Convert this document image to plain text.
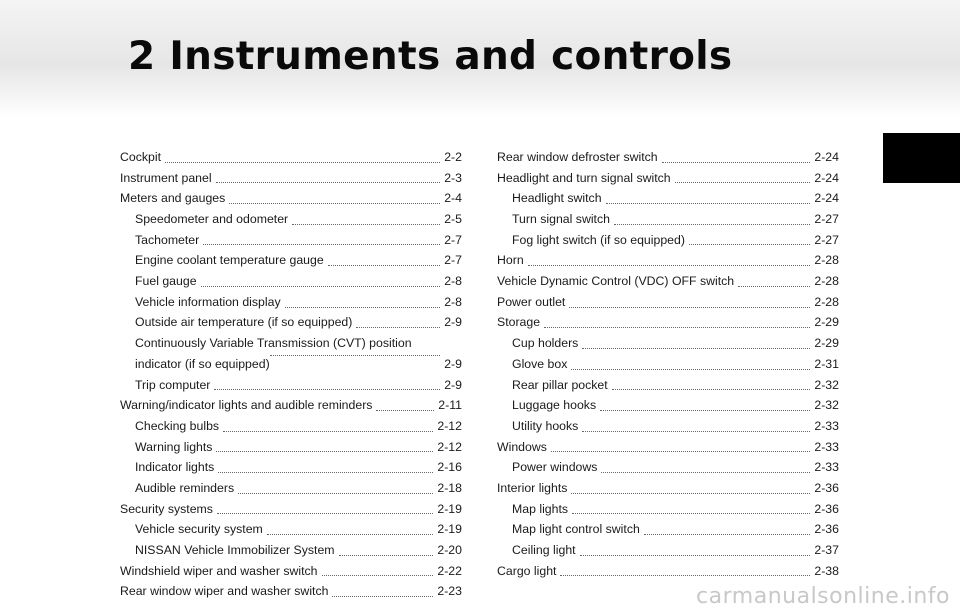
2 Instruments and controls
Cockpit	2-2
Instrument panel	2-3
Meters and gauges	2-4
Speedometer and odometer	2-5
Tachometer	2-7
Engine coolant temperature gauge	2-7
Fuel gauge	2-8
Vehicle information display	2-8
Outside air temperature (if so equipped)	2-9
Continuously Variable Transmission (CVT) position
indicator (if so equipped)	2-9
Trip computer	2-9
Warning/indicator lights and audible reminders	2-11
Checking bulbs	2-12
Warning lights	2-12
Indicator lights	2-16
Audible reminders	2-18
Security systems	2-19
Vehicle security system	2-19
NISSAN Vehicle Immobilizer System	2-20
Windshield wiper and washer switch	2-22
Rear window wiper and washer switch	2-23
Rear window defroster switch	2-24
Headlight and turn signal switch	2-24
Headlight switch	2-24
Turn signal switch	2-27
Fog light switch (if so equipped)	2-27
Horn	2-28
Vehicle Dynamic Control (VDC) OFF switch	2-28
Power outlet	2-28
Storage	2-29
Cup holders	2-29
Glove box	2-31
Rear pillar pocket	2-32
Luggage hooks	2-32
Utility hooks	2-33
Windows	2-33
Power windows	2-33
Interior lights	2-36
Map lights	2-36
Map light control switch	2-36
Ceiling light	2-37
Cargo light	2-38

carmanualsonline.info
